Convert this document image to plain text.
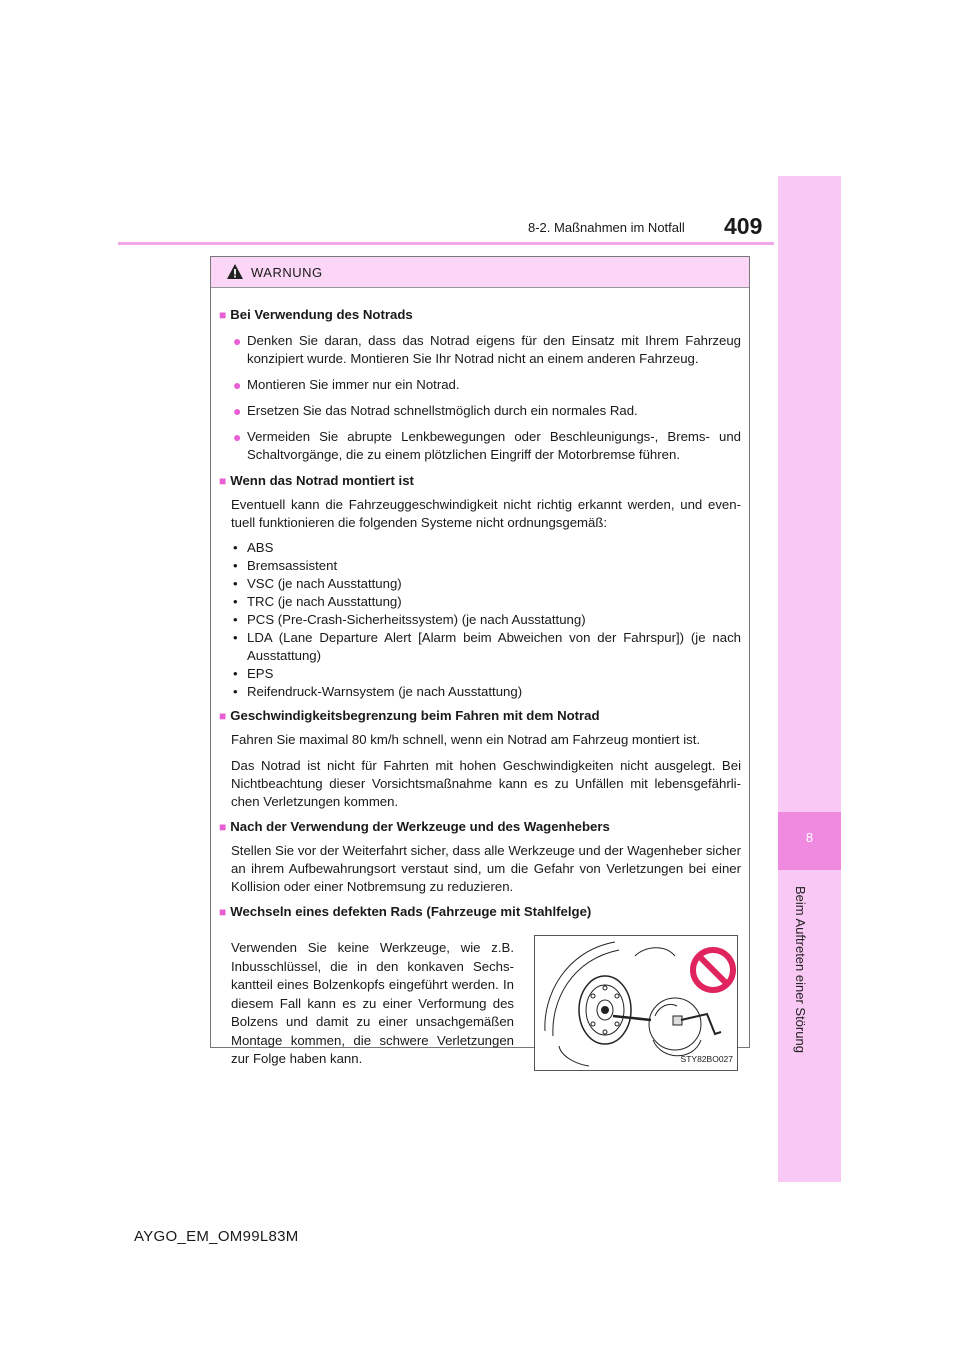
409
8-2. Maßnahmen im Notfall
8
Beim Auftreten einer Störung
WARNUNG
■ Bei Verwendung des Notrads
● Denken Sie daran, dass das Notrad eigens für den Einsatz mit Ihrem Fahrzeug konzipiert wurde. Montieren Sie Ihr Notrad nicht an einem anderen Fahrzeug.
● Montieren Sie immer nur ein Notrad.
● Ersetzen Sie das Notrad schnellstmöglich durch ein normales Rad.
● Vermeiden Sie abrupte Lenkbewegungen oder Beschleunigungs-, Brems- und Schaltvorgänge, die zu einem plötzlichen Eingriff der Motorbremse führen.
■ Wenn das Notrad montiert ist
Eventuell kann die Fahrzeuggeschwindigkeit nicht richtig erkannt werden, und eventuell funktionieren die folgenden Systeme nicht ordnungsgemäß:
• ABS
• Bremsassistent
• VSC (je nach Ausstattung)
• TRC (je nach Ausstattung)
• PCS (Pre-Crash-Sicherheitssystem) (je nach Ausstattung)
• LDA (Lane Departure Alert [Alarm beim Abweichen von der Fahrspur]) (je nach Ausstattung)
• EPS
• Reifendruck-Warnsystem (je nach Ausstattung)
■ Geschwindigkeitsbegrenzung beim Fahren mit dem Notrad
Fahren Sie maximal 80 km/h schnell, wenn ein Notrad am Fahrzeug montiert ist.
Das Notrad ist nicht für Fahrten mit hohen Geschwindigkeiten nicht ausgelegt. Bei Nichtbeachtung dieser Vorsichtsmaßnahme kann es zu Unfällen mit lebensgefährlichen Verletzungen kommen.
■ Nach der Verwendung der Werkzeuge und des Wagenhebers
Stellen Sie vor der Weiterfahrt sicher, dass alle Werkzeuge und der Wagenheber sicher an ihrem Aufbewahrungsort verstaut sind, um die Gefahr von Verletzungen bei einer Kollision oder einer Notbremsung zu reduzieren.
■ Wechseln eines defekten Rads (Fahrzeuge mit Stahlfelge)
Verwenden Sie keine Werkzeuge, wie z.B. Inbusschlüssel, die in den konkaven Sechskantteil eines Bolzenkopfs eingeführt werden. In diesem Fall kann es zu einer Verformung des Bolzens und damit zu einer unsachgemäßen Montage kommen, die schwere Verletzungen zur Folge haben kann.	STY82BO027
AYGO_EM_OM99L83M
